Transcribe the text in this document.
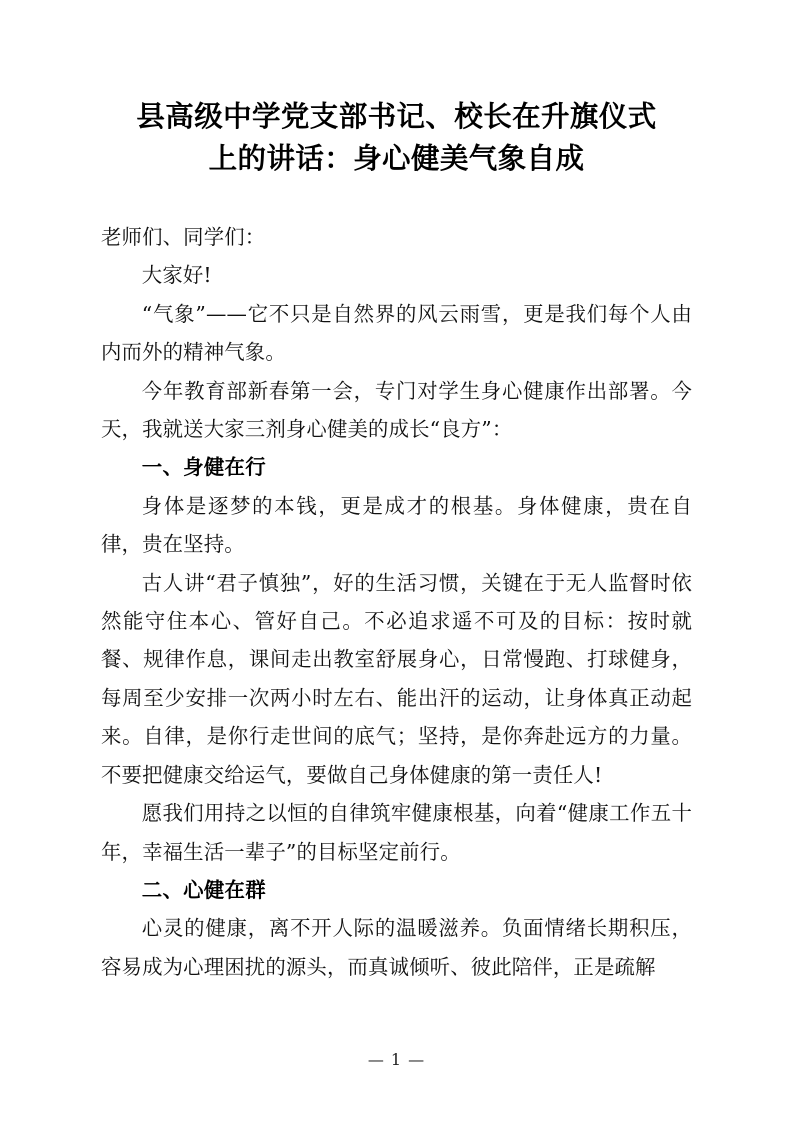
县高级中学党支部书记、校长在升旗仪式
上的讲话：身心健美气象自成

老师们、同学们：

大家好!

“气象”——它不只是自然界的风云雨雪，更是我们每个人由内而外的精神气象。

今年教育部新春第一会，专门对学生身心健康作出部署。今天，我就送大家三剂身心健美的成长“良方”：

一、身健在行

身体是逐梦的本钱，更是成才的根基。身体健康，贵在自律，贵在坚持。

古人讲“君子慎独”，好的生活习惯，关键在于无人监督时依然能守住本心、管好自己。不必追求遥不可及的目标：按时就餐、规律作息，课间走出教室舒展身心，日常慢跑、打球健身，每周至少安排一次两小时左右、能出汗的运动，让身体真正动起来。自律，是你行走世间的底气；坚持，是你奔赴远方的力量。不要把健康交给运气，要做自己身体健康的第一责任人!

愿我们用持之以恒的自律筑牢健康根基，向着“健康工作五十年，幸福生活一辈子”的目标坚定前行。

二、心健在群

心灵的健康，离不开人际的温暖滋养。负面情绪长期积压，容易成为心理困扰的源头，而真诚倾听、彼此陪伴，正是疏解

— 1 —
